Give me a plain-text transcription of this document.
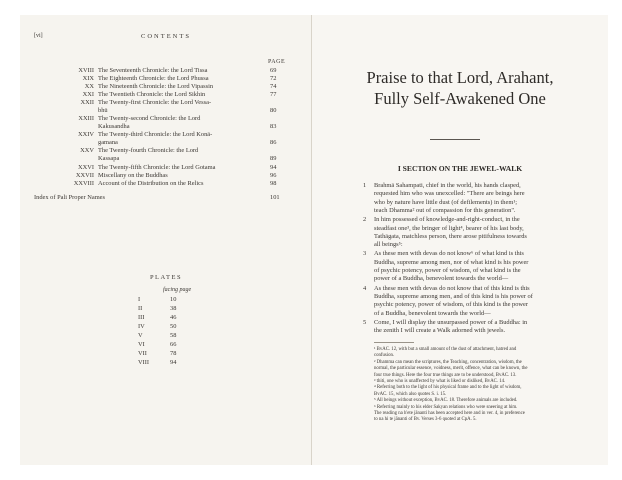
[vi]	CONTENTS
PAGE
XVIII The Seventeenth Chronicle: the Lord Tissa	69
XIX The Eighteenth Chronicle: the Lord Phussa	72
XX The Nineteenth Chronicle: the Lord Vipassin	74
XXI The Twentieth Chronicle: the Lord Sikhin	77
XXII The Twenty-first Chronicle: the Lord Vessa-
bhū	80
XXIII The Twenty-second Chronicle: the Lord
Kakusandha	83
XXIV The Twenty-third Chronicle: the Lord Konā-
gamana	86
XXV The Twenty-fourth Chronicle: the Lord
Kassapa	89
XXVI The Twenty-fifth Chronicle: the Lord Gotama	94
XXVII Miscellany on the Buddhas	96
XXVIII Account of the Distribution on the Relics	98
Index of Pali Proper Names	101
PLATES
facing page
I	10
II	38
III	46
IV	50
V	58
VI	66
VII	78
VIII	94
Praise to that Lord, Arahant,
Fully Self-Awakened One
I SECTION ON THE JEWEL-WALK
1 Brahmā Sahampati, chief in the world, his hands clasped,
requested him who was unexcelled: "There are beings here
who by nature have little dust (of defilements) in them¹;
teach Dhamma² out of compassion for this generation".
2 In him possessed of knowledge-and-right-conduct, in the
steadfast one³, the bringer of light⁴, bearer of his last body,
Tathāgata, matchless person, there arose pitifulness towards
all beings⁵:
3 As these men with devas do not know⁶ of what kind is this
Buddha, supreme among men, nor of what kind is his power
of psychic potency, power of wisdom, of what kind is the
power of a Buddha, benevolent towards the world—
4 As these men with devas do not know that of this kind is this
Buddha, supreme among men, and of this kind is his power of
psychic potency, power of wisdom, of this kind is the power
of a Buddha, benevolent towards the world—
5 Come, I will display the unsurpassed power of a Buddha: in
the zenith I will create a Walk adorned with jewels.
¹ BvAC. 12, with but a small amount of the dust of attachment, hatred and
confusion.
² Dhamma can mean the scriptures, the Teaching, concentration, wisdom, the
normal, the particular essence, voidness, merit, offence, what can be known, the
four true things. Here the four true things are to be understood, BvAC. 13.
³ thiti, one who is unaffected by what is liked or disliked, BvAC. 14.
⁴ Referring both to the light of his physical frame and to the light of wisdom,
BvAC. 15, which also quotes S. i. 15.
⁵ All beings without exception, BvAC. 18. Therefore animals are included.
⁶ Referring mainly to his elder Sakyan relations who were sneering at him.
The reading na h'ete jānanti has been accepted here and in ver. 4, in preference
to na hi te jānanti of Bv. Verses 3-6 quoted at CpA. 5.
